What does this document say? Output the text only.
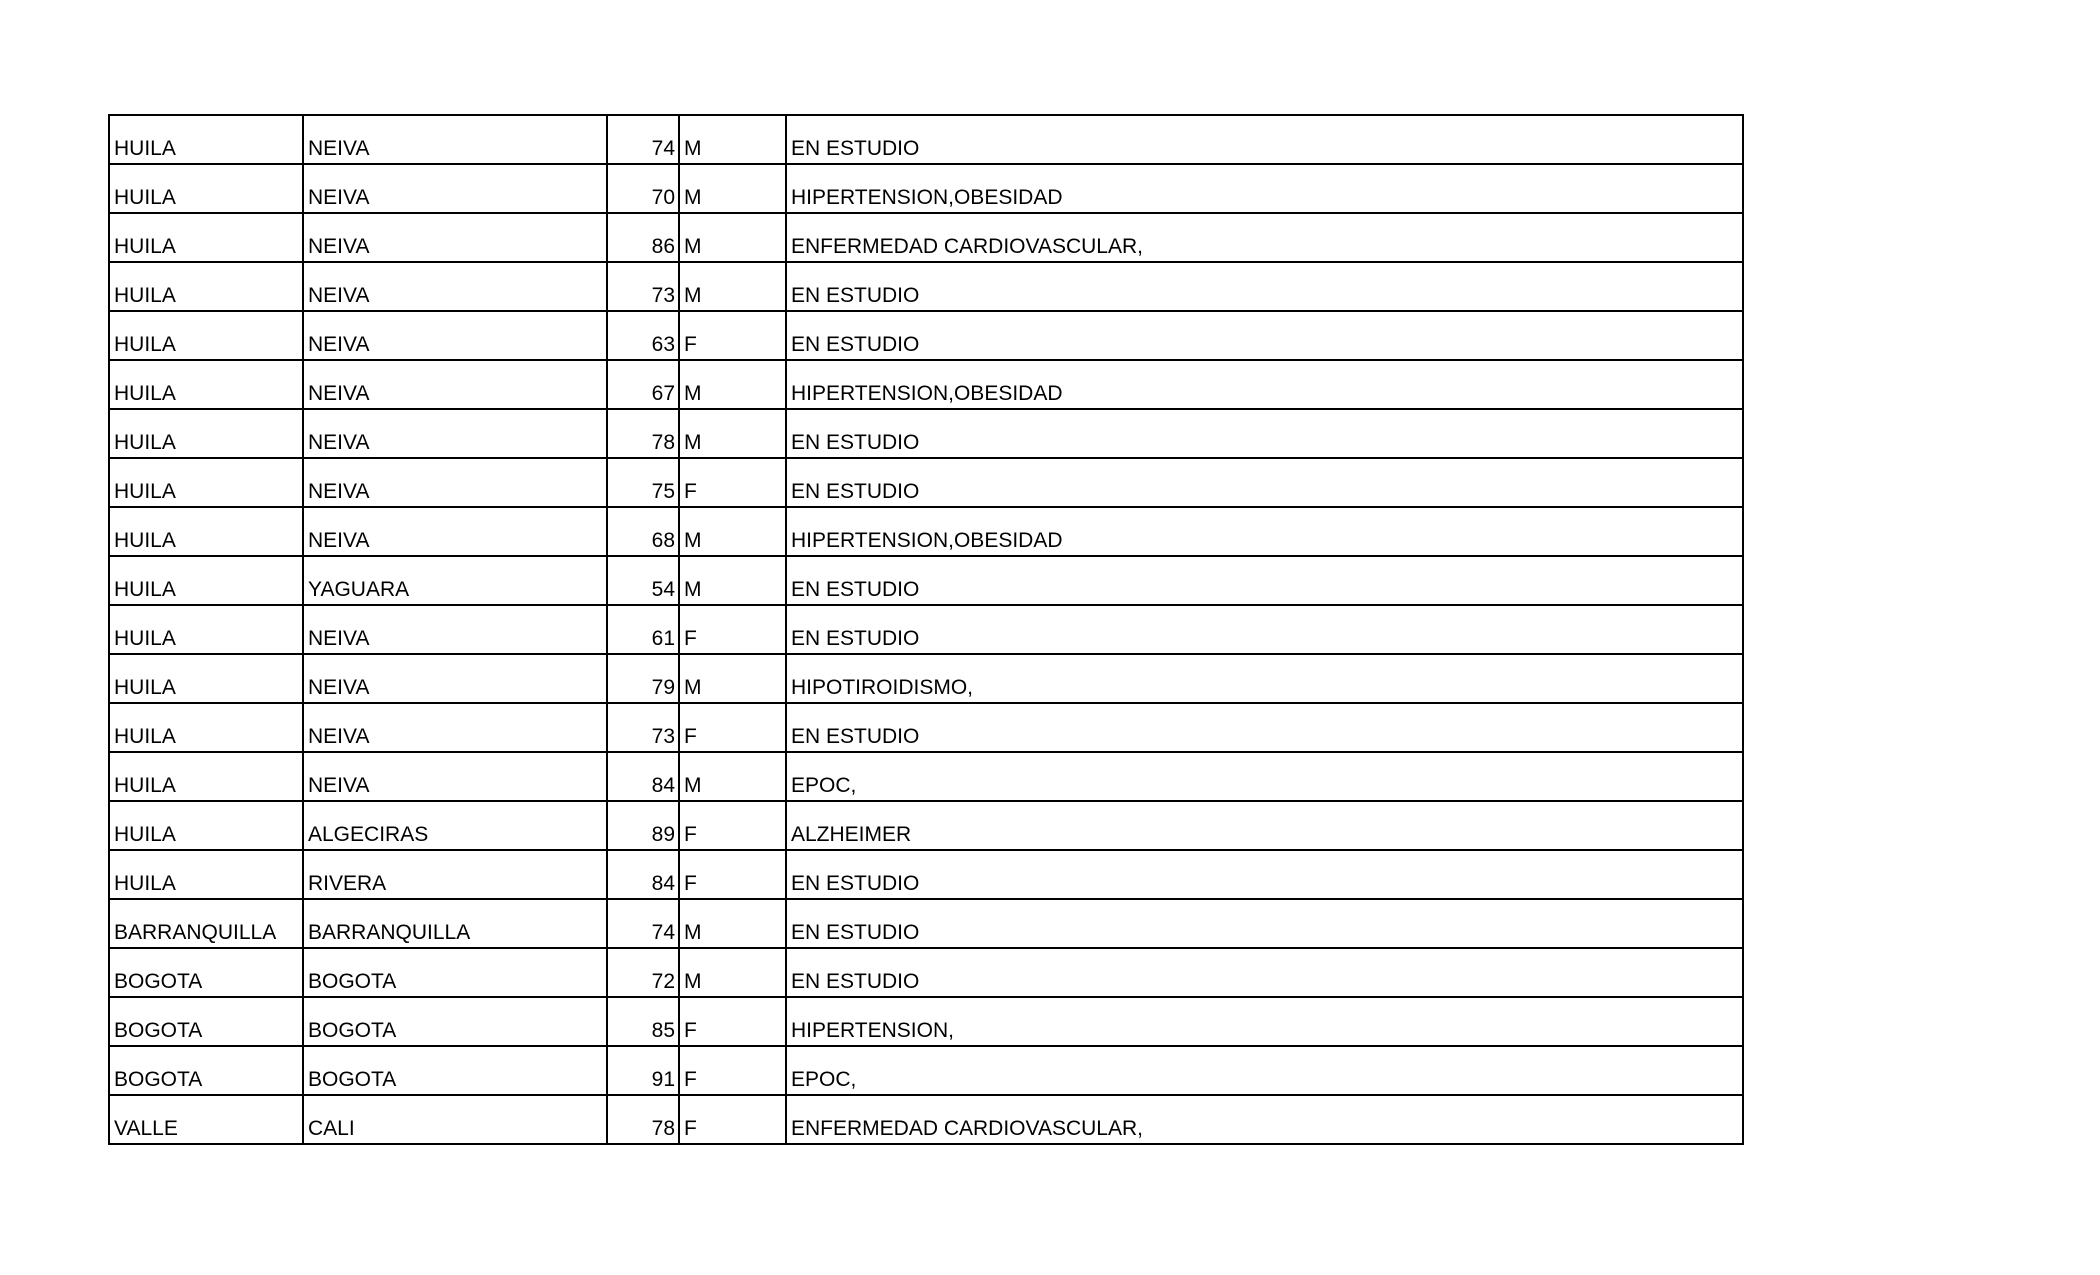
HUILA	NEIVA	74	M	EN ESTUDIO
HUILA	NEIVA	70	M	HIPERTENSION,OBESIDAD
HUILA	NEIVA	86	M	ENFERMEDAD CARDIOVASCULAR,
HUILA	NEIVA	73	M	EN ESTUDIO
HUILA	NEIVA	63	F	EN ESTUDIO
HUILA	NEIVA	67	M	HIPERTENSION,OBESIDAD
HUILA	NEIVA	78	M	EN ESTUDIO
HUILA	NEIVA	75	F	EN ESTUDIO
HUILA	NEIVA	68	M	HIPERTENSION,OBESIDAD
HUILA	YAGUARA	54	M	EN ESTUDIO
HUILA	NEIVA	61	F	EN ESTUDIO
HUILA	NEIVA	79	M	HIPOTIROIDISMO,
HUILA	NEIVA	73	F	EN ESTUDIO
HUILA	NEIVA	84	M	EPOC,
HUILA	ALGECIRAS	89	F	ALZHEIMER
HUILA	RIVERA	84	F	EN ESTUDIO
BARRANQUILLA	BARRANQUILLA	74	M	EN ESTUDIO
BOGOTA	BOGOTA	72	M	EN ESTUDIO
BOGOTA	BOGOTA	85	F	HIPERTENSION,
BOGOTA	BOGOTA	91	F	EPOC,
VALLE	CALI	78	F	ENFERMEDAD CARDIOVASCULAR,
